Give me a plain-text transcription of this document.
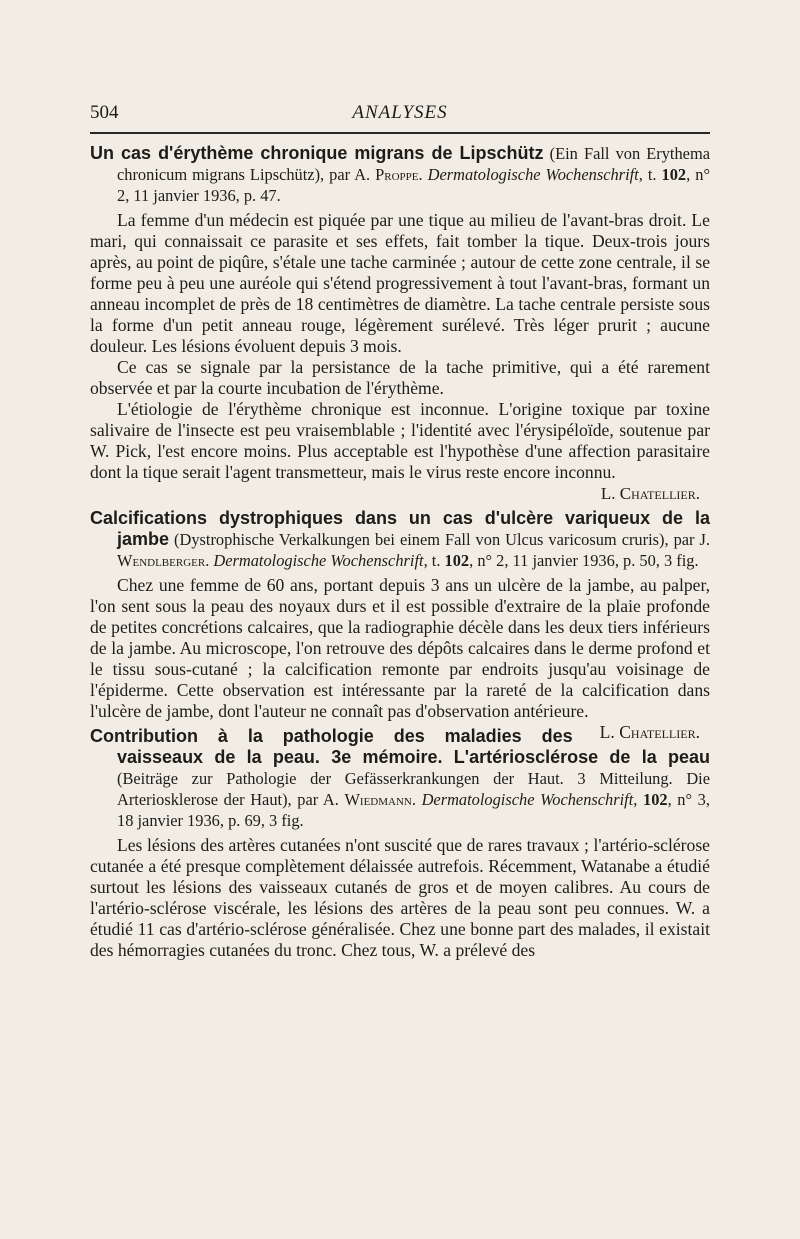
504	ANALYSES

Un cas d'érythème chronique migrans de Lipschütz (Ein Fall von Erythema chronicum migrans Lipschütz), par A. Proppe. Dermatologische Wochenschrift, t. 102, n° 2, 11 janvier 1936, p. 47.

La femme d'un médecin est piquée par une tique au milieu de l'avant-bras droit. Le mari, qui connaissait ce parasite et ses effets, fait tomber la tique. Deux-trois jours après, au point de piqûre, s'étale une tache carminée ; autour de cette zone centrale, il se forme peu à peu une auréole qui s'étend progressivement à tout l'avant-bras, formant un anneau incomplet de près de 18 centimètres de diamètre. La tache centrale persiste sous la forme d'un petit anneau rouge, légèrement surélevé. Très léger prurit ; aucune douleur. Les lésions évoluent depuis 3 mois.

Ce cas se signale par la persistance de la tache primitive, qui a été rarement observée et par la courte incubation de l'érythème.

L'étiologie de l'érythème chronique est inconnue. L'origine toxique par toxine salivaire de l'insecte est peu vraisemblable ; l'identité avec l'érysipéloïde, soutenue par W. Pick, l'est encore moins. Plus acceptable est l'hypothèse d'une affection parasitaire dont la tique serait l'agent transmetteur, mais le virus reste encore inconnu.

L. Chatellier.

Calcifications dystrophiques dans un cas d'ulcère variqueux de la jambe (Dystrophische Verkalkungen bei einem Fall von Ulcus varicosum cruris), par J. Wendlberger. Dermatologische Wochenschrift, t. 102, n° 2, 11 janvier 1936, p. 50, 3 fig.

Chez une femme de 60 ans, portant depuis 3 ans un ulcère de la jambe, au palper, l'on sent sous la peau des noyaux durs et il est possible d'extraire de la plaie profonde de petites concrétions calcaires, que la radiographie décèle dans les deux tiers inférieurs de la jambe. Au microscope, l'on retrouve des dépôts calcaires dans le derme profond et le tissu sous-cutané ; la calcification remonte par endroits jusqu'au voisinage de l'épiderme. Cette observation est intéressante par la rareté de la calcification dans l'ulcère de jambe, dont l'auteur ne connaît pas d'observation antérieure.
L. Chatellier.

Contribution à la pathologie des maladies des vaisseaux de la peau. 3e mémoire. L'artériosclérose de la peau (Beiträge zur Pathologie der Gefässerkrankungen der Haut. 3 Mitteilung. Die Arteriosklerose der Haut), par A. Wiedmann. Dermatologische Wochenschrift, 102, n° 3, 18 janvier 1936, p. 69, 3 fig.

Les lésions des artères cutanées n'ont suscité que de rares travaux ; l'artério-sclérose cutanée a été presque complètement délaissée autrefois. Récemment, Watanabe a étudié surtout les lésions des vaisseaux cutanés de gros et de moyen calibres. Au cours de l'artério-sclérose viscérale, les lésions des artères de la peau sont peu connues. W. a étudié 11 cas d'artério-sclérose généralisée. Chez une bonne part des malades, il existait des hémorragies cutanées du tronc. Chez tous, W. a prélevé des
